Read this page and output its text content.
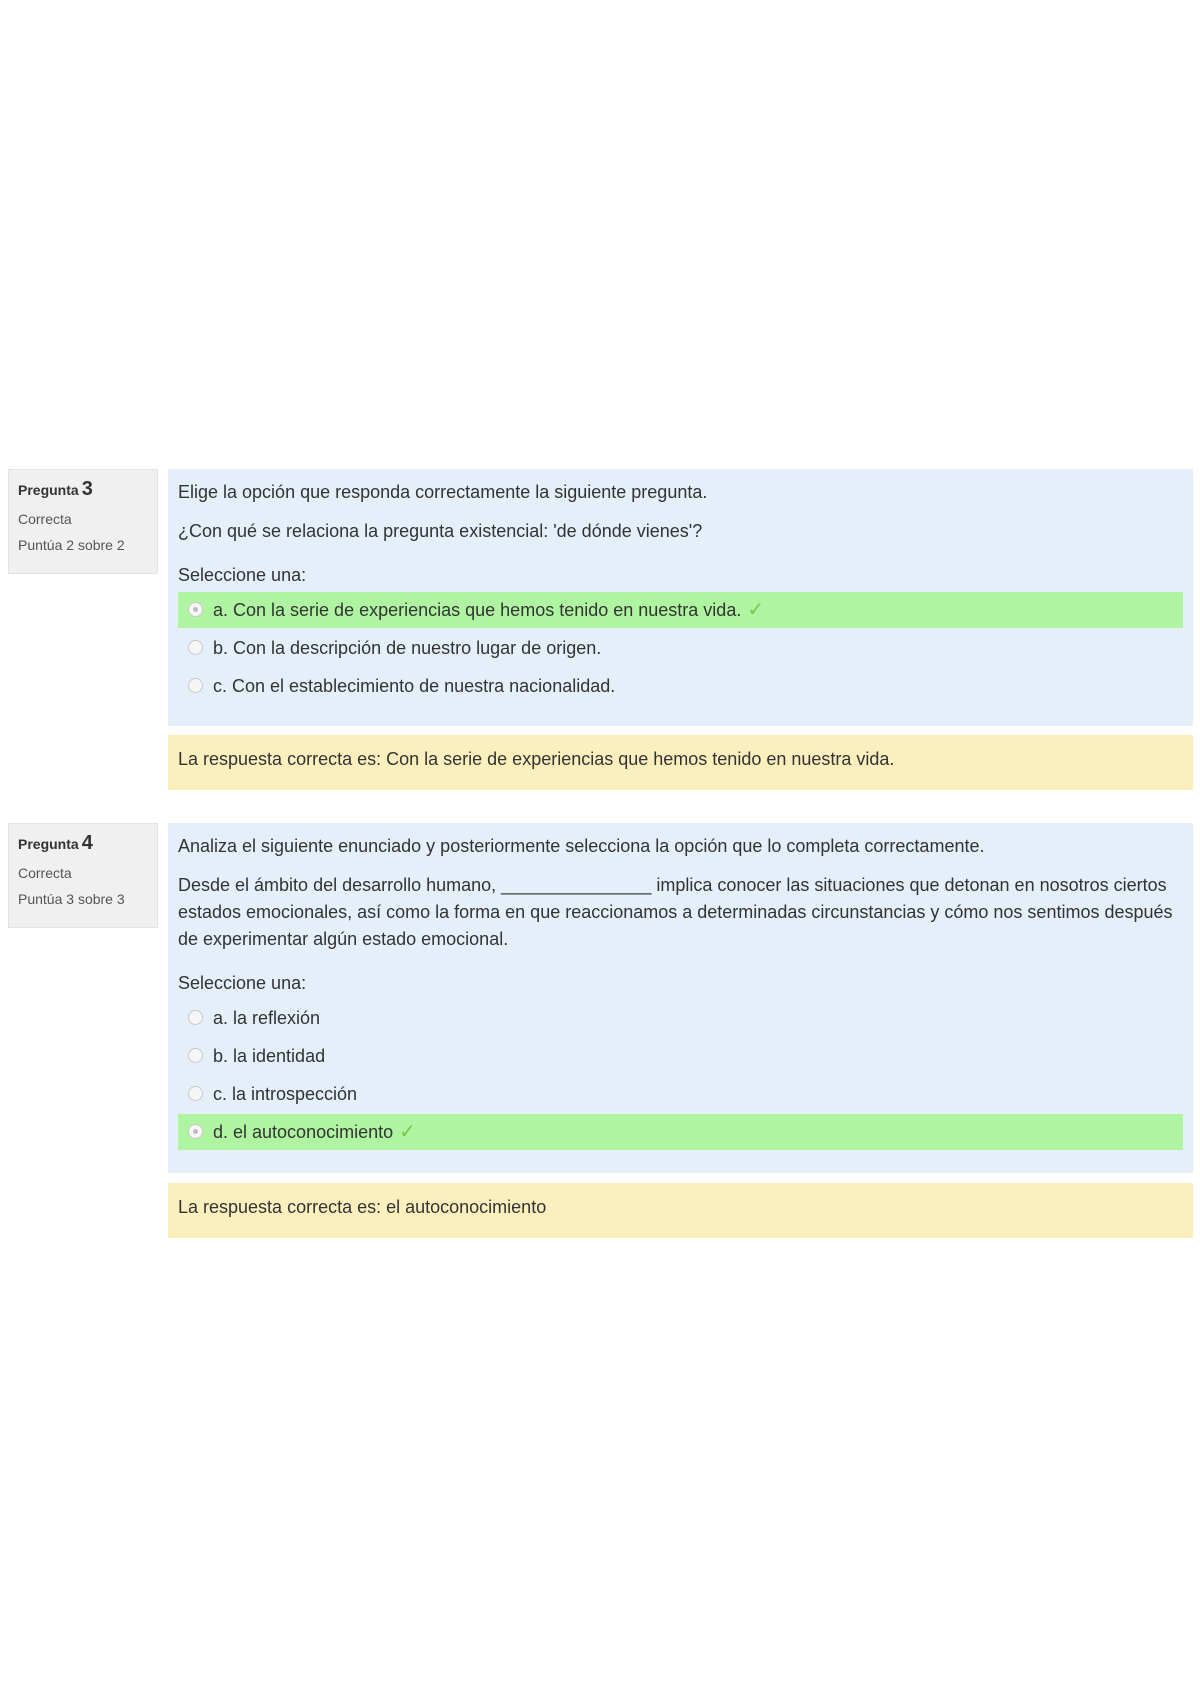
Pregunta 3
Correcta
Puntúa 2 sobre 2

Elige la opción que responda correctamente la siguiente pregunta.

¿Con qué se relaciona la pregunta existencial: 'de dónde vienes'?

Seleccione una:
a. Con la serie de experiencias que hemos tenido en nuestra vida. ✓
b. Con la descripción de nuestro lugar de origen.
c. Con el establecimiento de nuestra nacionalidad.
La respuesta correcta es: Con la serie de experiencias que hemos tenido en nuestra vida.
Pregunta 4
Correcta
Puntúa 3 sobre 3

Analiza el siguiente enunciado y posteriormente selecciona la opción que lo completa correctamente.

Desde el ámbito del desarrollo humano, _______________ implica conocer las situaciones que detonan en nosotros ciertos estados emocionales, así como la forma en que reaccionamos a determinadas circunstancias y cómo nos sentimos después de experimentar algún estado emocional.

Seleccione una:
a. la reflexión
b. la identidad
c. la introspección
d. el autoconocimiento ✓
La respuesta correcta es: el autoconocimiento
